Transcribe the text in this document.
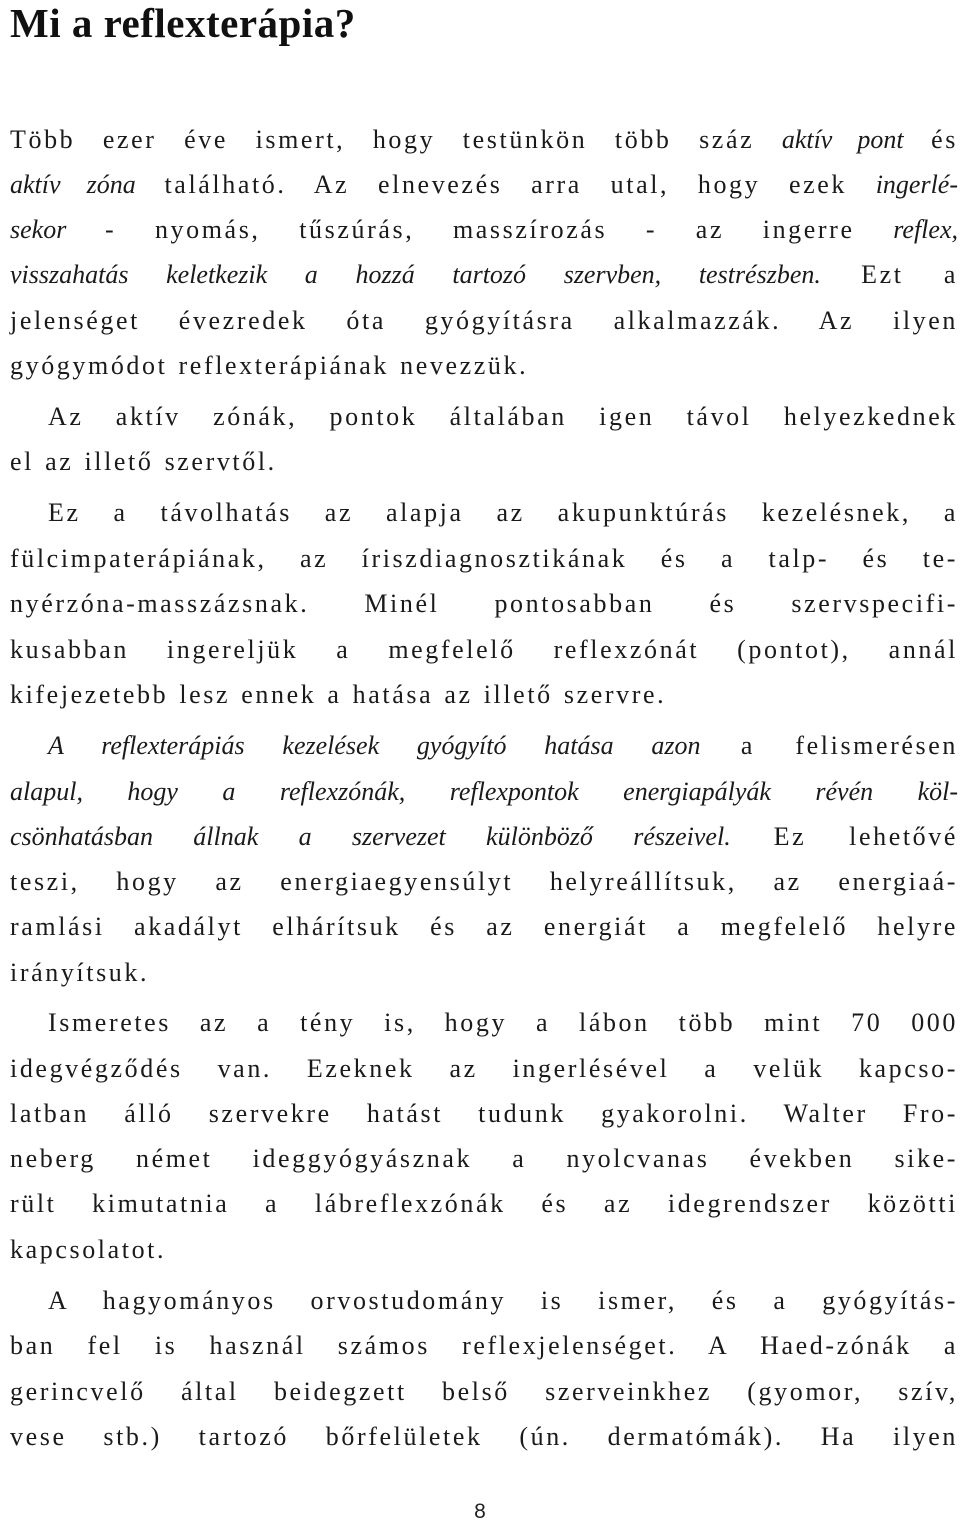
Mi a reflexterápia?
Több ezer éve ismert, hogy testünkön több száz aktív pont és
aktív zóna található. Az elnevezés arra utal, hogy ezek ingerlé-
sekor - nyomás, tűszúrás, masszírozás - az ingerre reflex,
visszahatás keletkezik a hozzá tartozó szervben, testrészben. Ezt a
jelenséget évezredek óta gyógyításra alkalmazzák. Az ilyen
gyógymódot reflexterápiának nevezzük.
Az aktív zónák, pontok általában igen távol helyezkednek
el az illető szervtől.
Ez a távolhatás az alapja az akupunktúrás kezelésnek, a
fülcimpaterápiának, az íriszdiagnosztikának és a talp- és te-
nyérzóna-masszázsnak. Minél pontosabban és szervspecifi-
kusabban ingereljük a megfelelő reflexzónát (pontot), annál
kifejezetebb lesz ennek a hatása az illető szervre.
A reflexterápiás kezelések gyógyító hatása azon a felismerésen
alapul, hogy a reflexzónák, reflexpontok energiapályák révén köl-
csönhatásban állnak a szervezet különböző részeivel. Ez lehetővé
teszi, hogy az energiaegyensúlyt helyreállítsuk, az energiaá-
ramlási akadályt elhárítsuk és az energiát a megfelelő helyre
irányítsuk.
Ismeretes az a tény is, hogy a lábon több mint 70 000
idegvégződés van. Ezeknek az ingerlésével a velük kapcso-
latban álló szervekre hatást tudunk gyakorolni. Walter Fro-
neberg német ideggyógyásznak a nyolcvanas években sike-
rült kimutatnia a lábreflexzónák és az idegrendszer közötti
kapcsolatot.
A hagyományos orvostudomány is ismer, és a gyógyítás-
ban fel is használ számos reflexjelenséget. A Haed-zónák a
gerincvelő által beidegzett belső szerveinkhez (gyomor, szív,
vese stb.) tartozó bőrfelületek (ún. dermatómák). Ha ilyen
8
